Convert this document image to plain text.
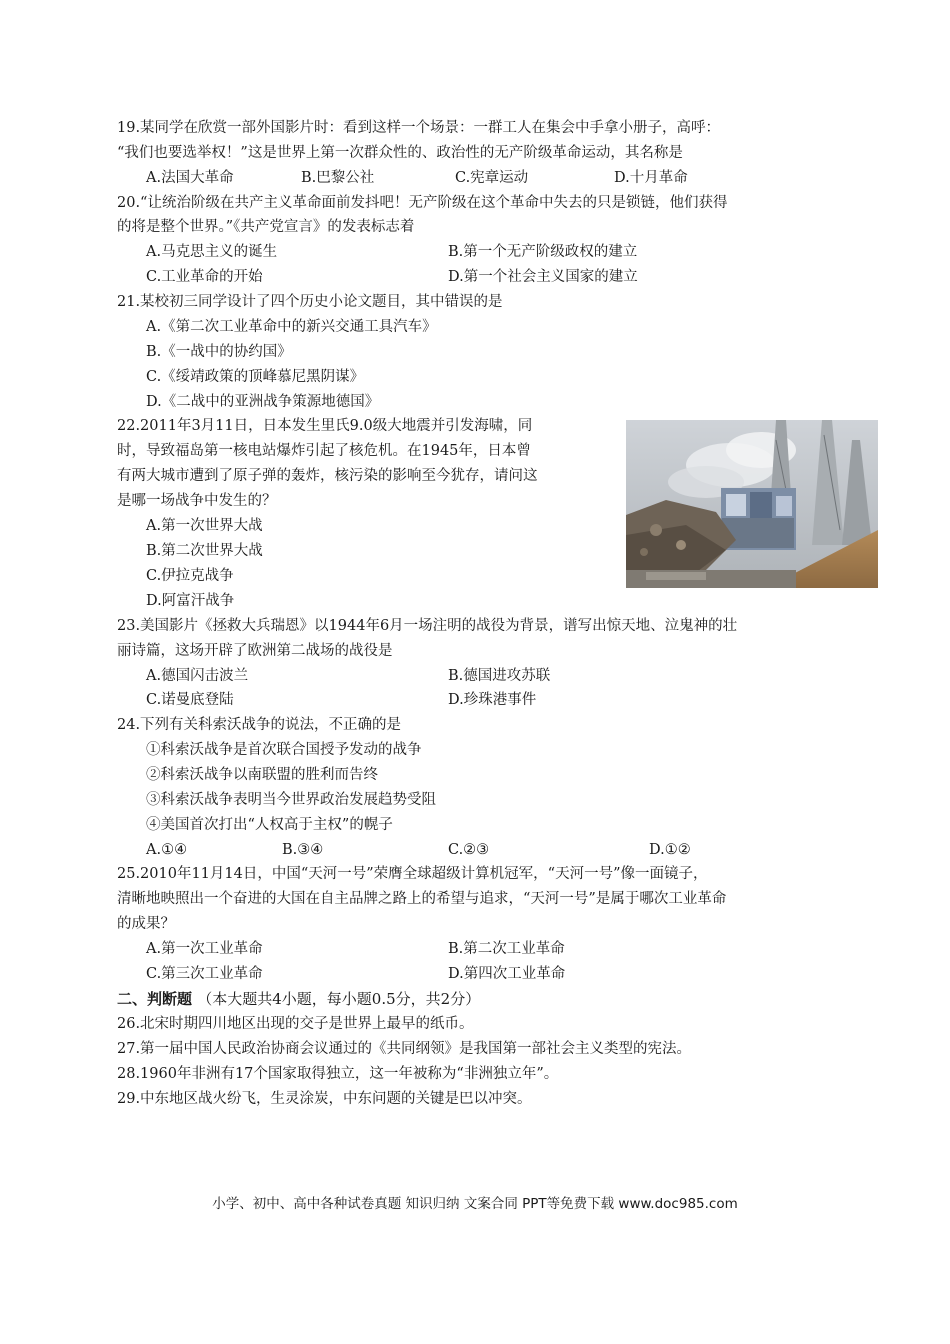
19.某同学在欣赏一部外国影片时：看到这样一个场景：一群工人在集会中手拿小册子，高呼：
“我们也要选举权！”这是世界上第一次群众性的、政治性的无产阶级革命运动，其名称是
A.法国大革命	B.巴黎公社	C.宪章运动	D.十月革命
20.“让统治阶级在共产主义革命面前发抖吧！无产阶级在这个革命中失去的只是锁链，他们获得
的将是整个世界。”《共产党宣言》的发表标志着
A.马克思主义的诞生	B.第一个无产阶级政权的建立
C.工业革命的开始	D.第一个社会主义国家的建立
21.某校初三同学设计了四个历史小论文题目，其中错误的是
A.《第二次工业革命中的新兴交通工具汽车》
B.《一战中的协约国》
C.《绥靖政策的顶峰慕尼黑阴谋》
D.《二战中的亚洲战争策源地德国》
22.2011年3月11日，日本发生里氏9.0级大地震并引发海啸，同
时，导致福岛第一核电站爆炸引起了核危机。在1945年，日本曾
有两大城市遭到了原子弹的轰炸，核污染的影响至今犹存，请问这
是哪一场战争中发生的？
A.第一次世界大战
B.第二次世界大战
C.伊拉克战争
D.阿富汗战争
23.美国影片《拯救大兵瑞恩》以1944年6月一场注明的战役为背景，谱写出惊天地、泣鬼神的壮
丽诗篇，这场开辟了欧洲第二战场的战役是
A.德国闪击波兰	B.德国进攻苏联
C.诺曼底登陆	D.珍珠港事件
24.下列有关科索沃战争的说法，不正确的是
①科索沃战争是首次联合国授予发动的战争
②科索沃战争以南联盟的胜利而告终
③科索沃战争表明当今世界政治发展趋势受阻
④美国首次打出“人权高于主权”的幌子
A.①④	B.③④	C.②③	D.①②
25.2010年11月14日，中国“天河一号”荣膺全球超级计算机冠军，“天河一号”像一面镜子，
清晰地映照出一个奋进的大国在自主品牌之路上的希望与追求，“天河一号”是属于哪次工业革命
的成果？
A.第一次工业革命	B.第二次工业革命
C.第三次工业革命	D.第四次工业革命
二、判断题 （本大题共4小题，每小题0.5分，共2分）
26.北宋时期四川地区出现的交子是世界上最早的纸币。
27.第一届中国人民政治协商会议通过的《共同纲领》是我国第一部社会主义类型的宪法。
28.1960年非洲有17个国家取得独立，这一年被称为“非洲独立年”。
29.中东地区战火纷飞，生灵涂炭，中东问题的关键是巴以冲突。
小学、初中、高中各种试卷真题 知识归纳 文案合同 PPT等免费下载 www.doc985.com
